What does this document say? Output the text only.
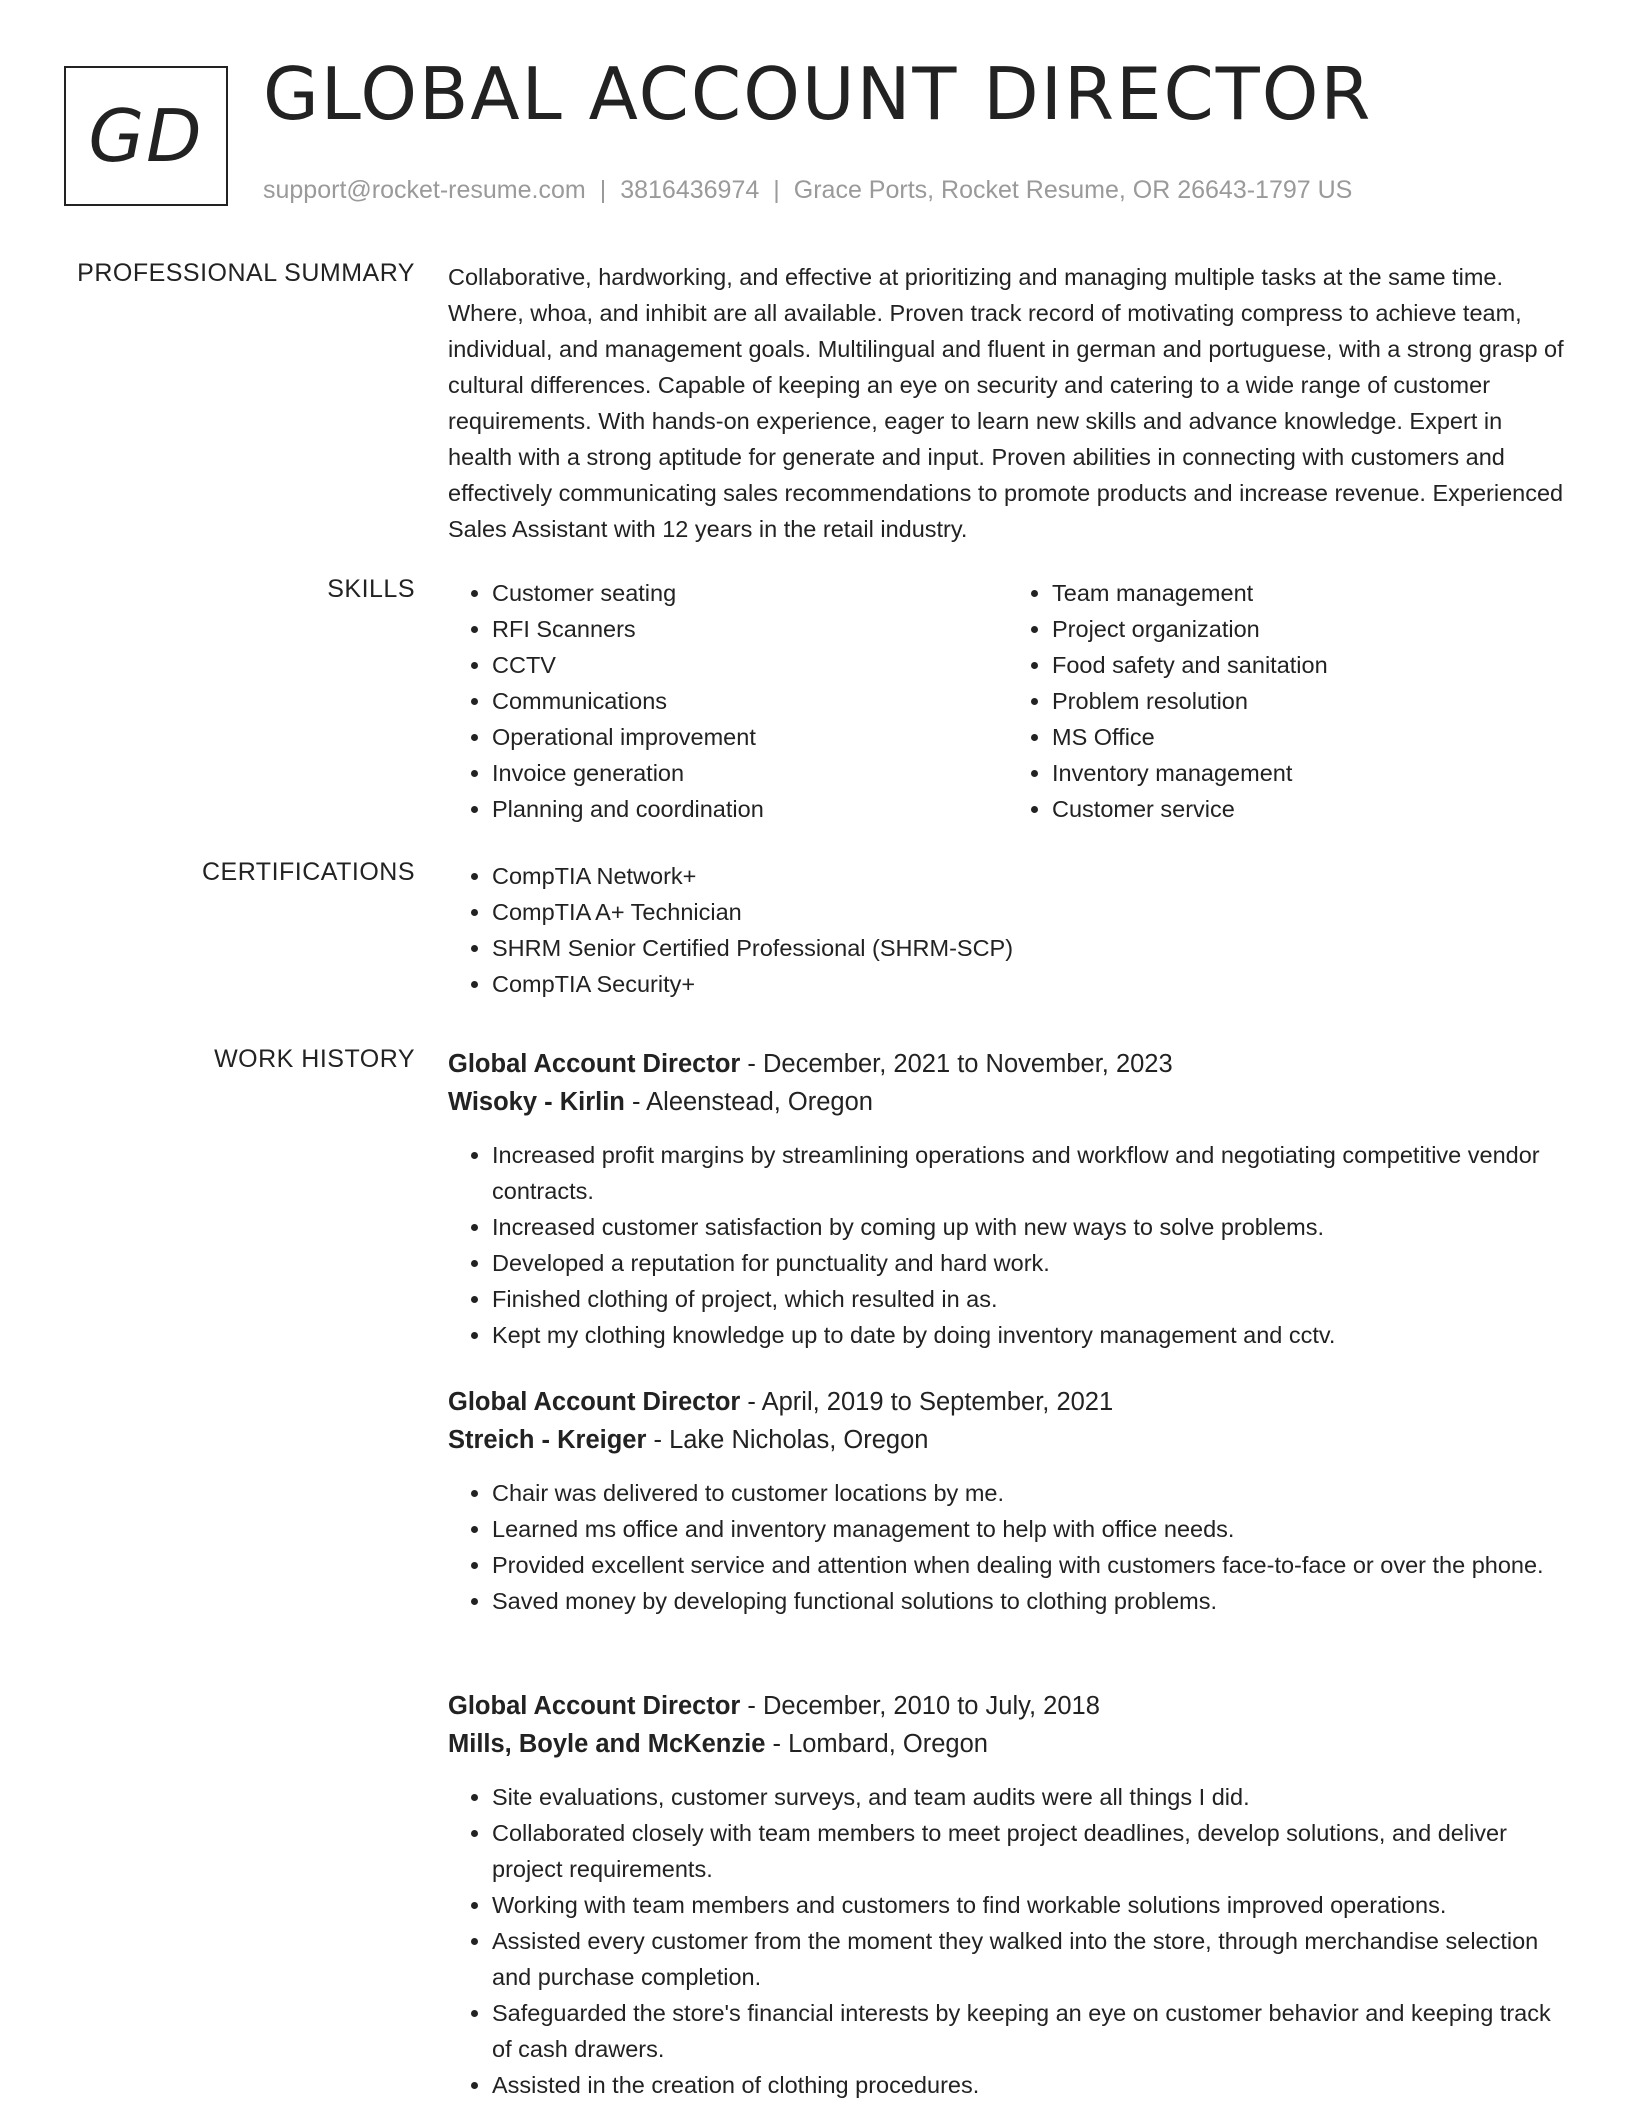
GD GLOBAL ACCOUNT DIRECTOR
support@rocket-resume.com | 3816436974 | Grace Ports, Rocket Resume, OR 26643-1797 US
PROFESSIONAL SUMMARY Collaborative, hardworking, and effective at prioritizing and managing multiple tasks at the same time. Where, whoa, and inhibit are all available. Proven track record of motivating compress to achieve team, individual, and management goals. Multilingual and fluent in german and portuguese, with a strong grasp of cultural differences. Capable of keeping an eye on security and catering to a wide range of customer requirements. With hands-on experience, eager to learn new skills and advance knowledge. Expert in health with a strong aptitude for generate and input. Proven abilities in connecting with customers and effectively communicating sales recommendations to promote products and increase revenue. Experienced Sales Assistant with 12 years in the retail industry.
SKILLS	• Customer seating
• RFI Scanners
• CCTV
• Communications
• Operational improvement
• Invoice generation
• Planning and coordination
• Team management
• Project organization
• Food safety and sanitation
• Problem resolution
• MS Office
• Inventory management
• Customer service
CERTIFICATIONS	• CompTIA Network+
• CompTIA A+ Technician
• SHRM Senior Certified Professional (SHRM-SCP)
• CompTIA Security+
WORK HISTORY Global Account Director - December, 2021 to November, 2023
Wisoky - Kirlin - Aleenstead, Oregon
• Increased profit margins by streamlining operations and workflow and negotiating competitive vendor contracts.
• Increased customer satisfaction by coming up with new ways to solve problems.
• Developed a reputation for punctuality and hard work.
• Finished clothing of project, which resulted in as.
• Kept my clothing knowledge up to date by doing inventory management and cctv.
Global Account Director - April, 2019 to September, 2021
Streich - Kreiger - Lake Nicholas, Oregon
• Chair was delivered to customer locations by me.
• Learned ms office and inventory management to help with office needs.
• Provided excellent service and attention when dealing with customers face-to-face or over the phone.
• Saved money by developing functional solutions to clothing problems.
Global Account Director - December, 2010 to July, 2018
Mills, Boyle and McKenzie - Lombard, Oregon
• Site evaluations, customer surveys, and team audits were all things I did.
• Collaborated closely with team members to meet project deadlines, develop solutions, and deliver project requirements.
• Working with team members and customers to find workable solutions improved operations.
• Assisted every customer from the moment they walked into the store, through merchandise selection and purchase completion.
• Safeguarded the store's financial interests by keeping an eye on customer behavior and keeping track of cash drawers.
• Assisted in the creation of clothing procedures.
